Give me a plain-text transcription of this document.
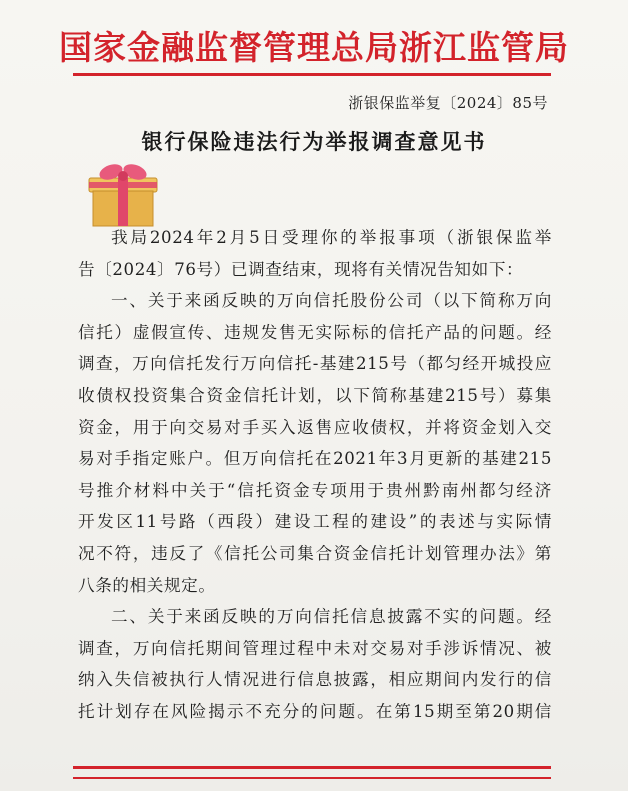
国家金融监督管理总局浙江监管局
浙银保监举复〔2024〕85号
银行保险违法行为举报调查意见书
我局2024年2月5日受理你的举报事项（浙银保监举
告〔2024〕76号）已调查结束，现将有关情况告知如下：
一、关于来函反映的万向信托股份公司（以下简称万向
信托）虚假宣传、违规发售无实际标的信托产品的问题。经
调查，万向信托发行万向信托-基建215号（都匀经开城投应
收债权投资集合资金信托计划，以下简称基建215号）募集
资金，用于向交易对手买入返售应收债权，并将资金划入交
易对手指定账户。但万向信托在2021年3月更新的基建215
号推介材料中关于“信托资金专项用于贵州黔南州都匀经济
开发区11号路（西段）建设工程的建设”的表述与实际情
况不符，违反了《信托公司集合资金信托计划管理办法》第
八条的相关规定。
二、关于来函反映的万向信托信息披露不实的问题。经
调查，万向信托期间管理过程中未对交易对手涉诉情况、被
纳入失信被执行人情况进行信息披露，相应期间内发行的信
托计划存在风险揭示不充分的问题。在第15期至第20期信
